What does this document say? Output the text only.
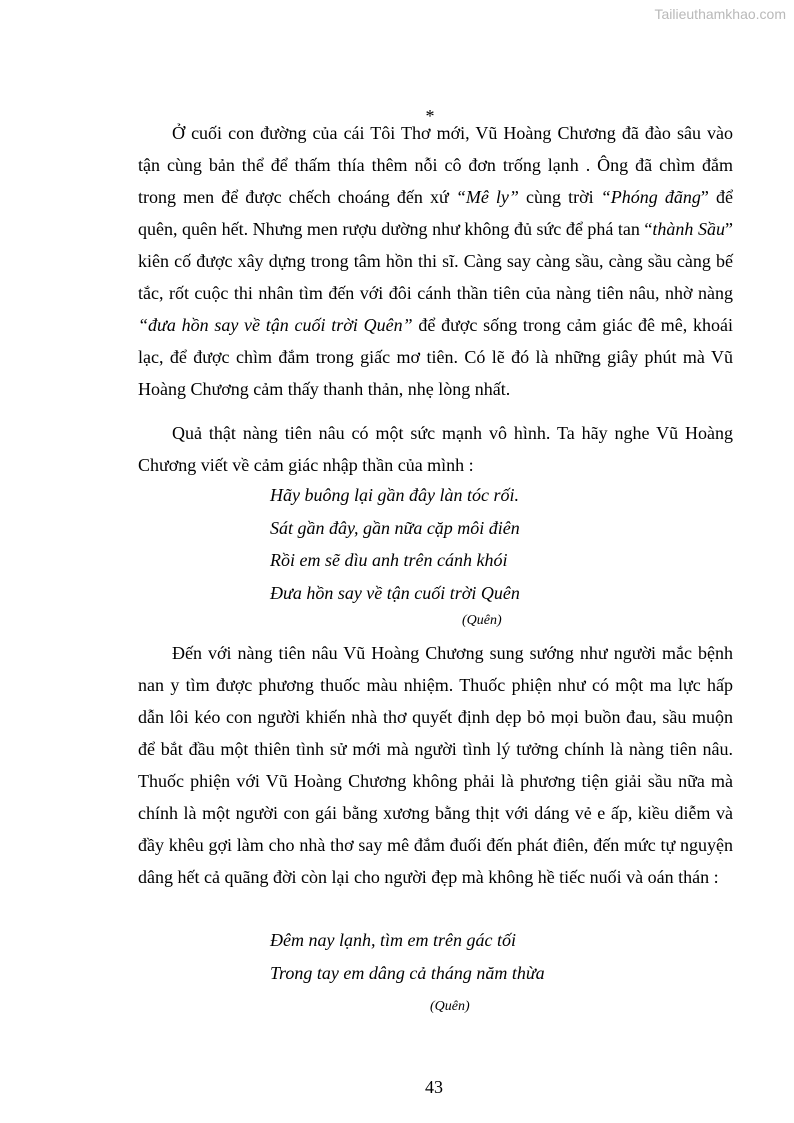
Tailieuthamkhao.com
*

Ở cuối con đường của cái Tôi Thơ mới, Vũ Hoàng Chương đã đào sâu vào tận cùng bản thể để thấm thía thêm nỗi cô đơn trống lạnh . Ông đã chìm đắm trong men để được chếch choáng đến xứ “Mê ly” cùng trời “Phóng đãng” để quên, quên hết. Nhưng men rượu dường như không đủ sức để phá tan “thành Sầu” kiên cố được xây dựng trong tâm hồn thi sĩ. Càng say càng sầu, càng sầu càng bế tắc, rốt cuộc thi nhân tìm đến với đôi cánh thần tiên của nàng tiên nâu, nhờ nàng “đưa hồn say về tận cuối trời Quên” để được sống trong cảm giác đê mê, khoái lạc, để được chìm đắm trong giấc mơ tiên. Có lẽ đó là những giây phút mà Vũ Hoàng Chương cảm thấy thanh thản, nhẹ lòng nhất.

Quả thật nàng tiên nâu có một sức mạnh vô hình. Ta hãy nghe Vũ Hoàng Chương viết về cảm giác nhập thần của mình :

Hãy buông lại gần đây làn tóc rối.
Sát gần đây, gần nữa cặp môi điên
Rồi em sẽ dìu anh trên cánh khói
Đưa hồn say về tận cuối trời Quên
(Quên)

Đến với nàng tiên nâu Vũ Hoàng Chương sung sướng như người mắc bệnh nan y tìm được phương thuốc màu nhiệm. Thuốc phiện như có một ma lực hấp dẫn lôi kéo con người khiến nhà thơ quyết định dẹp bỏ mọi buồn đau, sầu muộn để bắt đầu một thiên tình sử mới mà người tình lý tưởng chính là nàng tiên nâu. Thuốc phiện với Vũ Hoàng Chương không phải là phương tiện giải sầu nữa mà chính là một người con gái bằng xương bằng thịt với dáng vẻ e ấp, kiều diễm và đầy khêu gợi làm cho nhà thơ say mê đắm đuối đến phát điên, đến mức tự nguyện dâng hết cả quãng đời còn lại cho người đẹp mà không hề tiếc nuối và oán thán :

Đêm nay lạnh, tìm em trên gác tối
Trong tay em dâng cả tháng năm thừa
(Quên)
43
